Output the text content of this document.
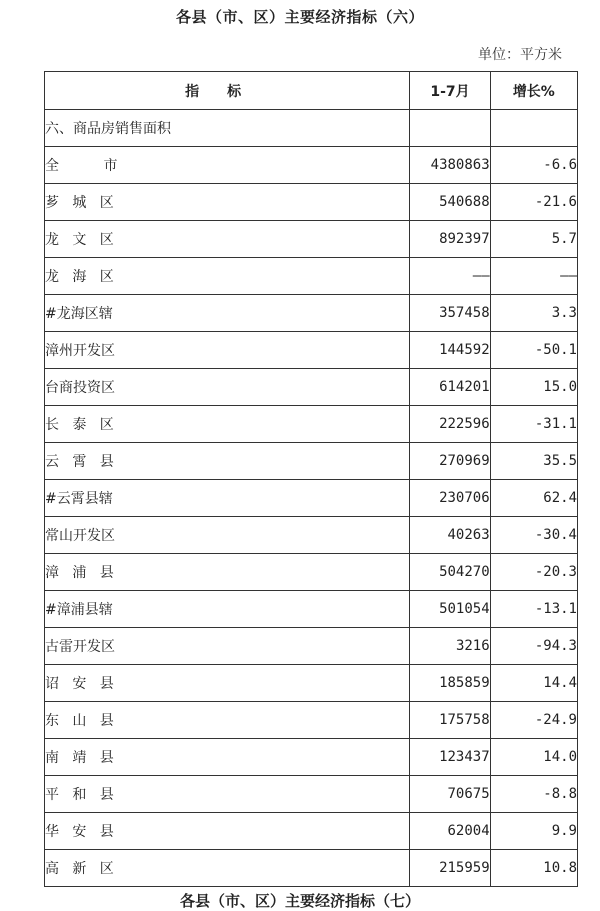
各县（市、区）主要经济指标（六）
单位：平方米
指标	1-7月	增长%
六、商品房销售面积		
全          市	4380863	-6.6
芗   城   区	540688	-21.6
龙   文   区	892397	5.7
龙   海   区	——	——
#龙海区辖	357458	3.3
漳州开发区	144592	-50.1
台商投资区	614201	15.0
长   泰   区	222596	-31.1
云   霄   县	270969	35.5
#云霄县辖	230706	62.4
常山开发区	40263	-30.4
漳   浦   县	504270	-20.3
#漳浦县辖	501054	-13.1
古雷开发区	3216	-94.3
诏   安   县	185859	14.4
东   山   县	175758	-24.9
南   靖   县	123437	14.0
平   和   县	70675	-8.8
华   安   县	62004	9.9
高   新   区	215959	10.8
各县（市、区）主要经济指标（七）
